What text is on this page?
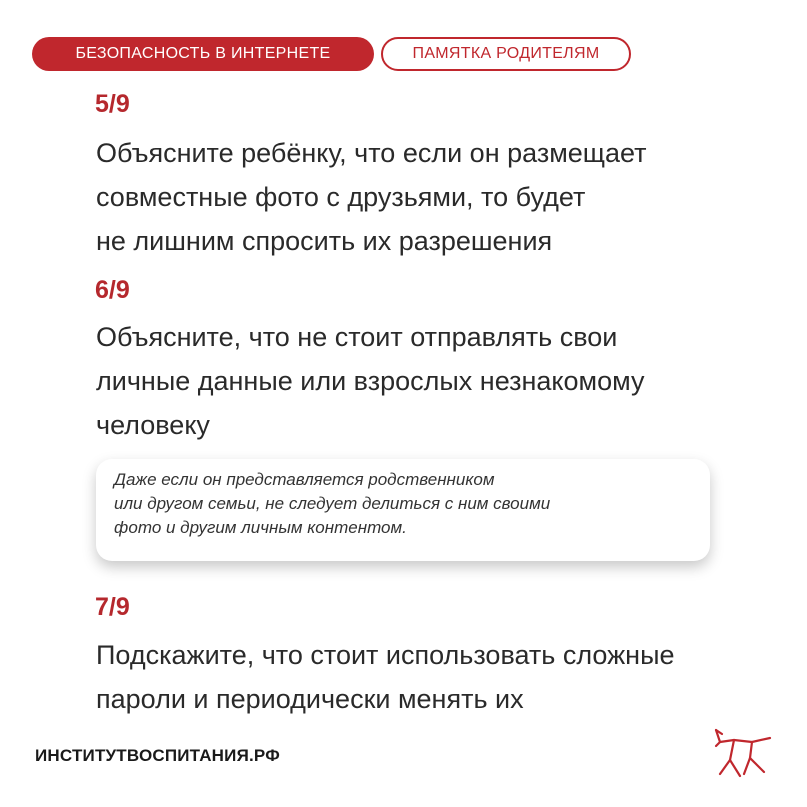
БЕЗОПАСНОСТЬ В ИНТЕРНЕТЕ	ПАМЯТКА РОДИТЕЛЯМ
5/9
Объясните ребёнку, что если он размещает
совместные фото с друзьями, то будет
не лишним спросить их разрешения
6/9
Объясните, что не стоит отправлять свои
личные данные или взрослых незнакомому
человеку
Даже если он представляется родственником
или другом семьи, не следует делиться с ним своими
фото и другим личным контентом.
7/9
Подскажите, что стоит использовать сложные
пароли и периодически менять их
ИНСТИТУТВОСПИТАНИЯ.РФ
